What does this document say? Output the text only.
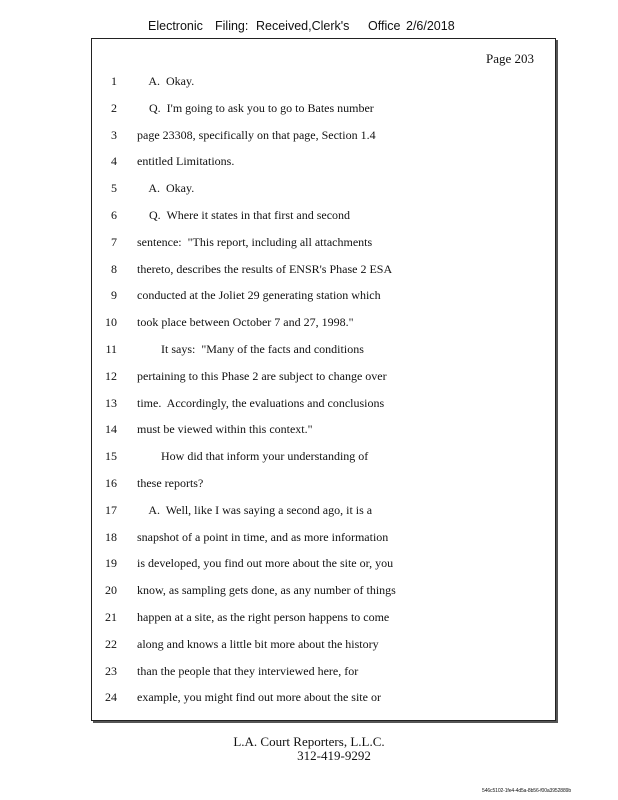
Electronic Filing: Received,Clerk's Office 2/6/2018
Page 203
1 A.  Okay.
2 Q.  I'm going to ask you to go to Bates number
3 page 23308, specifically on that page, Section 1.4
4 entitled Limitations.
5 A.  Okay.
6 Q.  Where it states in that first and second
7 sentence:  "This report, including all attachments
8 thereto, describes the results of ENSR's Phase 2 ESA
9 conducted at the Joliet 29 generating station which
10 took place between October 7 and 27, 1998."
11 It says:  "Many of the facts and conditions
12 pertaining to this Phase 2 are subject to change over
13 time.  Accordingly, the evaluations and conclusions
14 must be viewed within this context."
15 How did that inform your understanding of
16 these reports?
17 A.  Well, like I was saying a second ago, it is a
18 snapshot of a point in time, and as more information
19 is developed, you find out more about the site or, you
20 know, as sampling gets done, as any number of things
21 happen at a site, as the right person happens to come
22 along and knows a little bit more about the history
23 than the people that they interviewed here, for
24 example, you might find out more about the site or
L.A. Court Reporters, L.L.C.
312-419-9292
546c5102-1fe4-4d5a-8b56-f00a3952889b
